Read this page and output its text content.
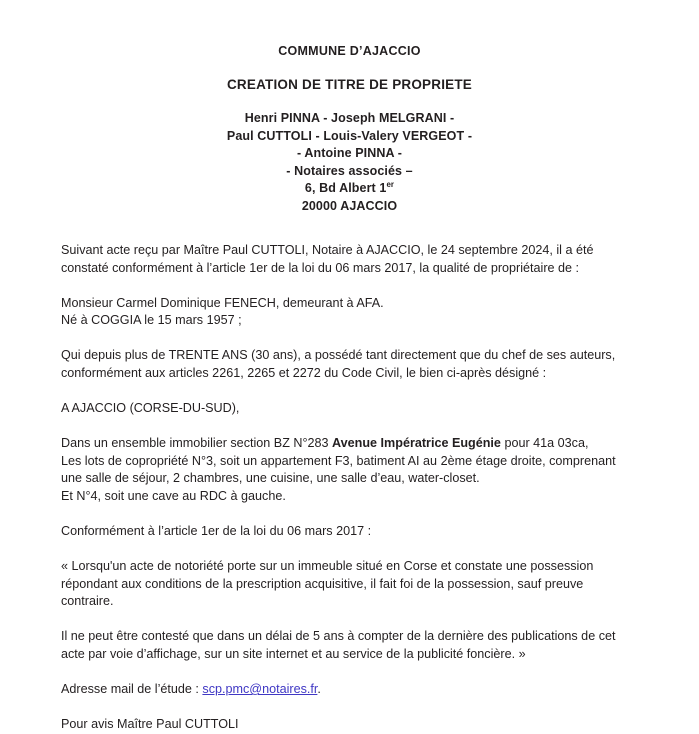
COMMUNE D’AJACCIO
CREATION DE TITRE DE PROPRIETE
Henri PINNA - Joseph MELGRANI -
Paul CUTTOLI - Louis-Valery VERGEOT -
- Antoine PINNA -
- Notaires associés –
6, Bd Albert 1er
20000 AJACCIO

Suivant acte reçu par Maître Paul CUTTOLI, Notaire à AJACCIO, le 24 septembre 2024, il a été
constaté conformément à l’article 1er de la loi du 06 mars 2017, la qualité de propriétaire de :

Monsieur Carmel Dominique FENECH, demeurant à AFA.
Né à COGGIA le 15 mars 1957 ;

Qui depuis plus de TRENTE ANS (30 ans), a possédé tant directement que du chef de ses auteurs,
conformément aux articles 2261, 2265 et 2272 du Code Civil, le bien ci-après désigné :

A AJACCIO (CORSE-DU-SUD),

Dans un ensemble immobilier section BZ N°283 Avenue Impératrice Eugénie pour 41a 03ca,
Les lots de copropriété N°3, soit un appartement F3, batiment AI au 2ème étage droite, comprenant
une salle de séjour, 2 chambres, une cuisine, une salle d’eau, water-closet.
Et N°4, soit une cave au RDC à gauche.

Conformément à l’article 1er de la loi du 06 mars 2017 :

« Lorsqu'un acte de notoriété porte sur un immeuble situé en Corse et constate une possession
répondant aux conditions de la prescription acquisitive, il fait foi de la possession, sauf preuve
contraire.

Il ne peut être contesté que dans un délai de 5 ans à compter de la dernière des publications de cet
acte par voie d’affichage, sur un site internet et au service de la publicité foncière. »

Adresse mail de l’étude : scp.pmc@notaires.fr.

Pour avis Maître Paul CUTTOLI
